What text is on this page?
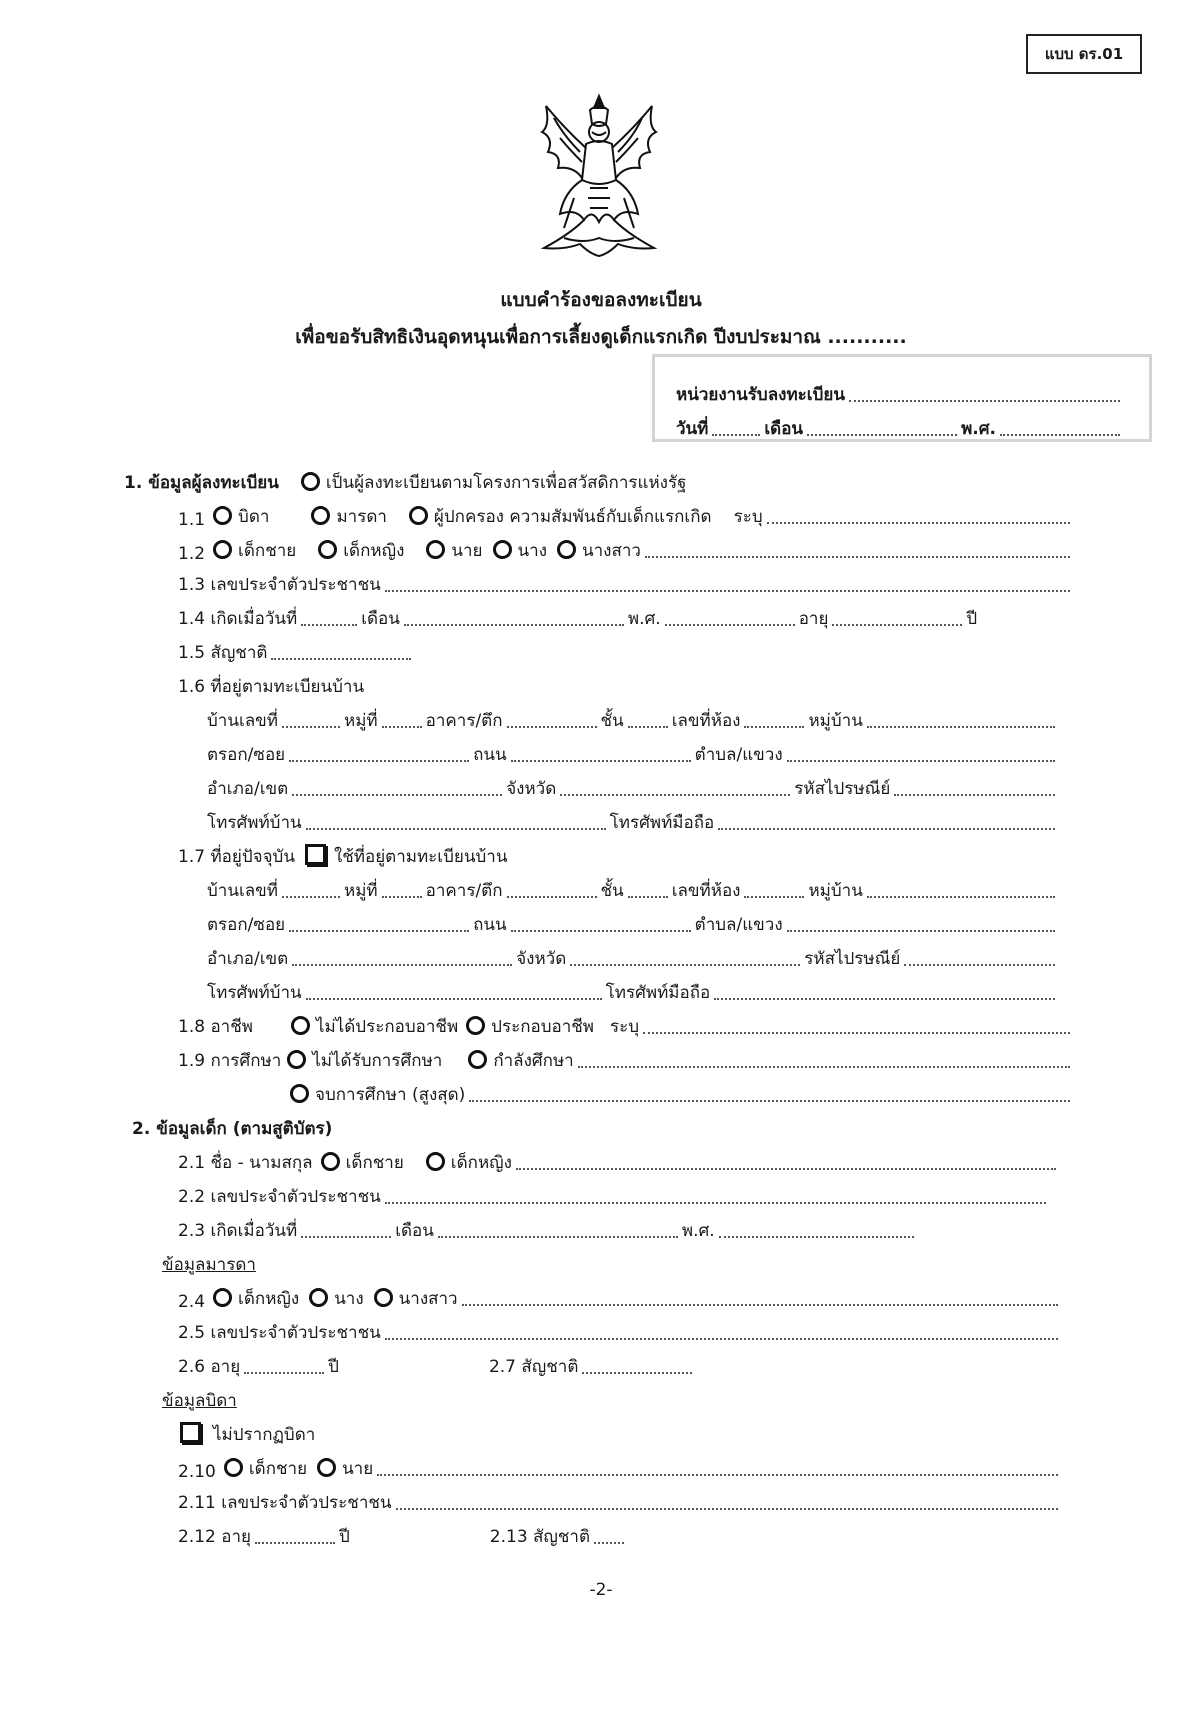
แบบ ดร.01
แบบคำร้องขอลงทะเบียน
เพื่อขอรับสิทธิเงินอุดหนุนเพื่อการเลี้ยงดูเด็กแรกเกิด ปีงบประมาณ ...........
หน่วยงานรับลงทะเบียน
วันที่	เดือน	พ.ศ.
1. ข้อมูลผู้ลงทะเบียน	เป็นผู้ลงทะเบียนตามโครงการเพื่อสวัสดิการแห่งรัฐ
1.1 บิดา	มารดา	ผู้ปกครอง ความสัมพันธ์กับเด็กแรกเกิด ระบุ
1.2 เด็กชาย	เด็กหญิง	นาย นาง นางสาว
1.3 เลขประจำตัวประชาชน
1.4 เกิดเมื่อวันที่	เดือน	พ.ศ.	อายุ	ปี
1.5 สัญชาติ
1.6 ที่อยู่ตามทะเบียนบ้าน
บ้านเลขที่	หมู่ที่	อาคาร/ตึก	ชั้น	เลขที่ห้อง	หมู่บ้าน
ตรอก/ซอย	ถนน	ตำบล/แขวง
อำเภอ/เขต	จังหวัด	รหัสไปรษณีย์
โทรศัพท์บ้าน	โทรศัพท์มือถือ
1.7 ที่อยู่ปัจจุบัน ใช้ที่อยู่ตามทะเบียนบ้าน
บ้านเลขที่	หมู่ที่	อาคาร/ตึก	ชั้น	เลขที่ห้อง	หมู่บ้าน
ตรอก/ซอย	ถนน	ตำบล/แขวง
อำเภอ/เขต	จังหวัด	รหัสไปรษณีย์
โทรศัพท์บ้าน	โทรศัพท์มือถือ
1.8 อาชีพ	ไม่ได้ประกอบอาชีพ ประกอบอาชีพ ระบุ
1.9 การศึกษา ไม่ได้รับการศึกษา	กำลังศึกษา
จบการศึกษา (สูงสุด)
2. ข้อมูลเด็ก (ตามสูติบัตร)
2.1 ชื่อ - นามสกุล เด็กชาย	เด็กหญิง
2.2 เลขประจำตัวประชาชน
2.3 เกิดเมื่อวันที่	เดือน	พ.ศ.
ข้อมูลมารดา
2.4 เด็กหญิง นาง นางสาว
2.5 เลขประจำตัวประชาชน
2.6 อายุ	ปี	2.7 สัญชาติ
ข้อมูลบิดา
ไม่ปรากฏบิดา
2.10 เด็กชาย นาย
2.11 เลขประจำตัวประชาชน
2.12 อายุ	ปี	2.13 สัญชาติ
-2-
